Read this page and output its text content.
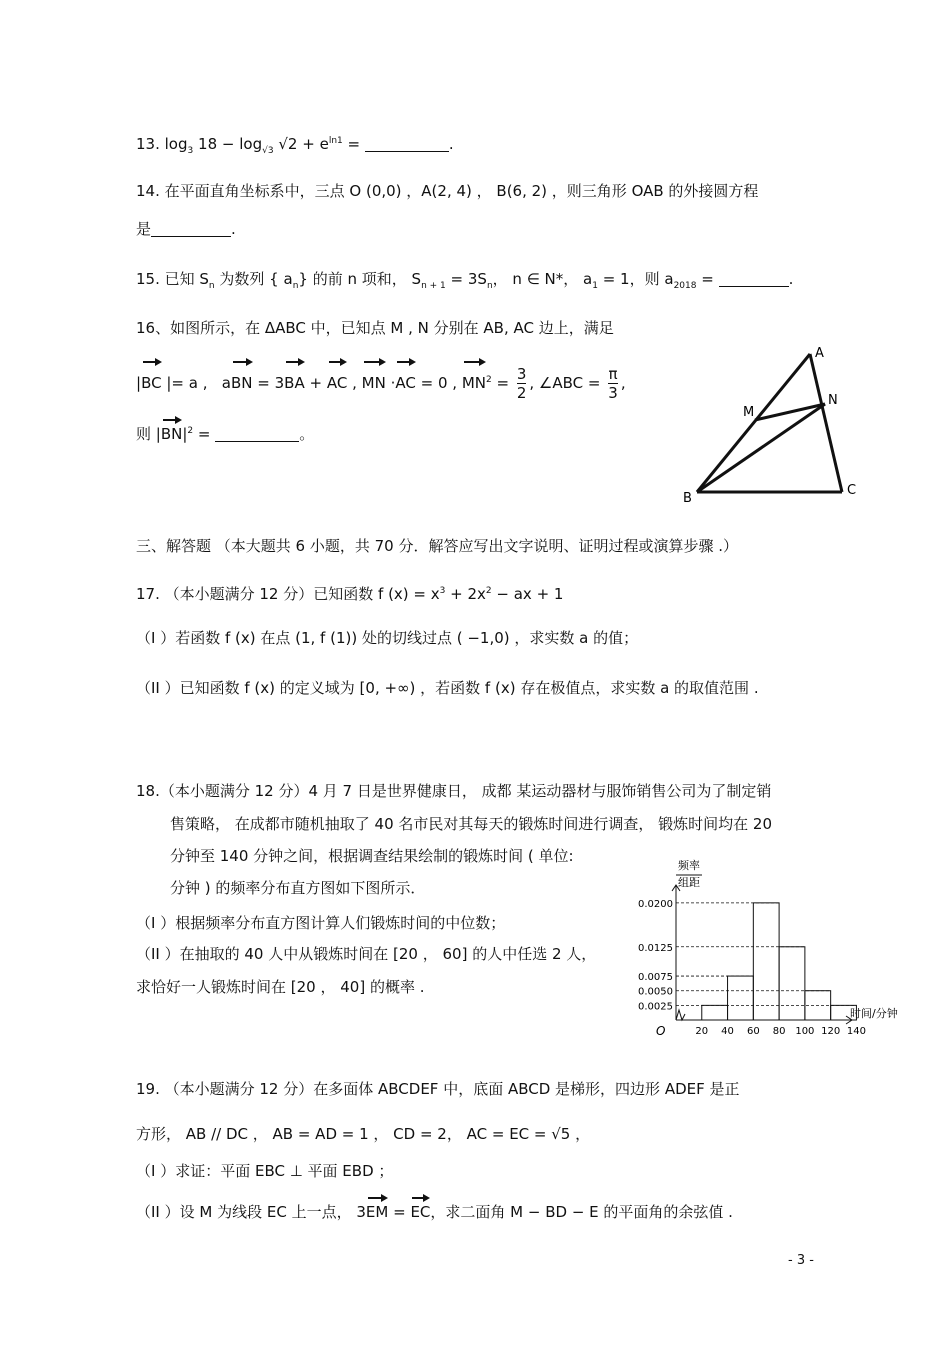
13. $\log_3 18 - \log_{√3} √2 + e^{ln1}$ =	.
14. 在平面直角坐标系中，三点 O (0,0) ，A(2, 4) ， B(6, 2) ，则三角形 OAB 的外接圆方程
是	.
15. 已知 $S_n$ 为数列 { $a_n$} 的前 n 项和， $S_{n + 1} = 3S_n$， n ∈ N*， $a_1 = 1$，则 $a_{2018}$ =	.
16、如图所示，在 ΔABC 中，已知点 M , N 分别在 AB, AC 边上，满足
|BC |= a , aBN = 3BA + AC , MN ·AC = 0 , $MN^2 = \frac{3}{2}$ , ∠ABC = $\frac{\pi}{3}$ ,
则 $|BN|^2$ =	。
A
M
N
B
C
三、解答题 （本大题共 6 小题，共 70 分．解答应写出文字说明、证明过程或演算步骤 .）
17. （本小题满分 12 分）已知函数 f $(x) = x^3 + 2x^2$ − ax + 1
（I ）若函数 f (x) 在点 (1, f (1)) 处的切线过点 ( −1,0) ，求实数 a 的值；
（II ）已知函数 f (x) 的定义域为 [0, +∞) ，若函数 f (x) 存在极值点，求实数 a 的取值范围 .
18.（本小题满分 12 分）4 月 7 日是世界健康日， 成都 某运动器材与服饰销售公司为了制定销
售策略， 在成都市随机抽取了 40 名市民对其每天的锻炼时间进行调查， 锻炼时间均在 20
分钟至 140 分钟之间，根据调查结果绘制的锻炼时间 ( 单位:
分钟 ) 的频率分布直方图如下图所示．
（I ）根据频率分布直方图计算人们锻炼时间的中位数；
（II ）在抽取的 40 人中从锻炼时间在 [20 ， 60] 的人中任选 2 人，
求恰好一人锻炼时间在 [20 ， 40] 的概率 .
频率
组距
时间/分钟
O
0.0200
0.0125
0.0075
0.0050
0.0025
20 40 60 80 100 120 140
19. （本小题满分 12 分）在多面体 ABCDEF 中，底面 ABCD 是梯形，四边形 ADEF 是正
方形， AB // DC ， AB = AD = 1 ， CD = 2， AC = EC = √5 ，
（I ）求证：平面 EBC ⊥ 平面 EBD ；
（II ）设 M 为线段 EC 上一点， 3EM = EC，求二面角 M − BD − E 的平面角的余弦值 .
- 3 -
